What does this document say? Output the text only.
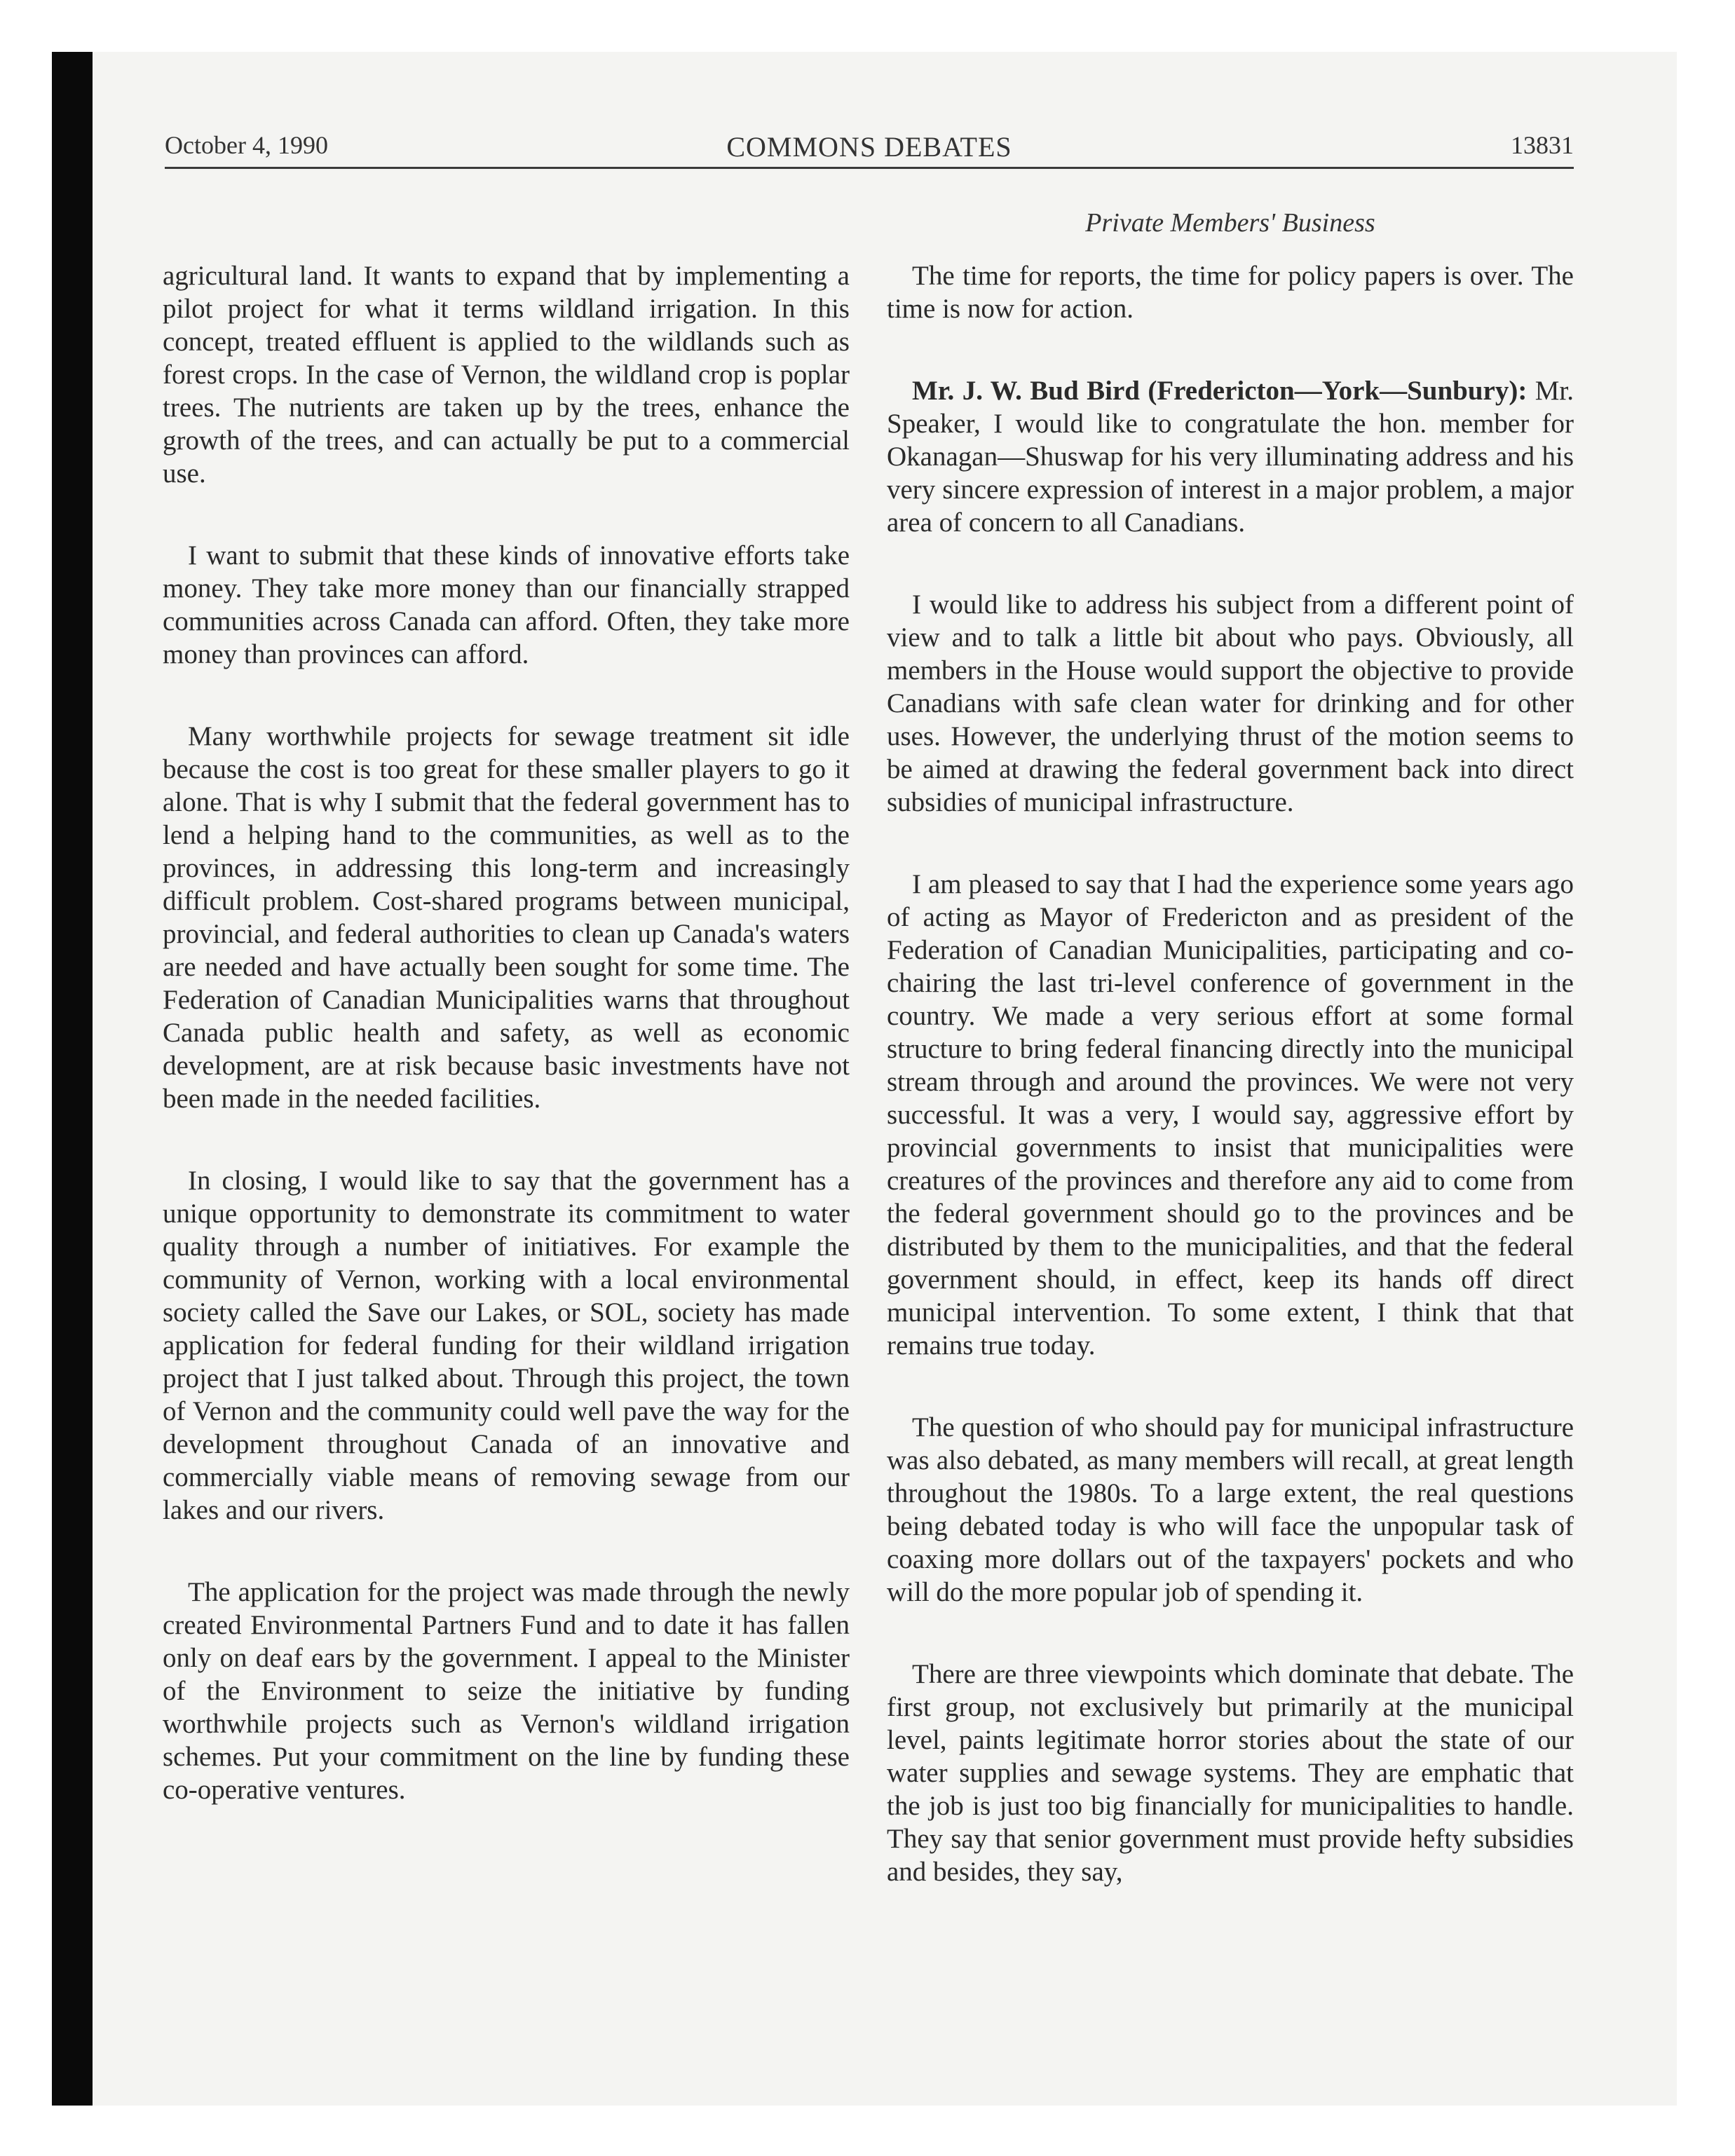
October 4, 1990	COMMONS DEBATES	13831
Private Members' Business

agricultural land. It wants to expand that by implementing a pilot project for what it terms wildland irrigation. In this concept, treated effluent is applied to the wildlands such as forest crops. In the case of Vernon, the wildland crop is poplar trees. The nutrients are taken up by the trees, enhance the growth of the trees, and can actually be put to a commercial use.

I want to submit that these kinds of innovative efforts take money. They take more money than our financially strapped communities across Canada can afford. Often, they take more money than provinces can afford.

Many worthwhile projects for sewage treatment sit idle because the cost is too great for these smaller players to go it alone. That is why I submit that the federal government has to lend a helping hand to the communities, as well as to the provinces, in addressing this long-term and increasingly difficult problem. Cost-shared programs between municipal, provincial, and federal authorities to clean up Canada's waters are needed and have actually been sought for some time. The Federation of Canadian Municipalities warns that throughout Canada public health and safety, as well as economic development, are at risk because basic investments have not been made in the needed facilities.

In closing, I would like to say that the government has a unique opportunity to demonstrate its commitment to water quality through a number of initiatives. For example the community of Vernon, working with a local environmental society called the Save our Lakes, or SOL, society has made application for federal funding for their wildland irrigation project that I just talked about. Through this project, the town of Vernon and the community could well pave the way for the development throughout Canada of an innovative and commercially viable means of removing sewage from our lakes and our rivers.

The application for the project was made through the newly created Environmental Partners Fund and to date it has fallen only on deaf ears by the government. I appeal to the Minister of the Environment to seize the initiative by funding worthwhile projects such as Vernon's wildland irrigation schemes. Put your commitment on the line by funding these co-operative ventures.

The time for reports, the time for policy papers is over. The time is now for action.

Mr. J. W. Bud Bird (Fredericton—York—Sunbury): Mr. Speaker, I would like to congratulate the hon. member for Okanagan—Shuswap for his very illuminating address and his very sincere expression of interest in a major problem, a major area of concern to all Canadians.

I would like to address his subject from a different point of view and to talk a little bit about who pays. Obviously, all members in the House would support the objective to provide Canadians with safe clean water for drinking and for other uses. However, the underlying thrust of the motion seems to be aimed at drawing the federal government back into direct subsidies of municipal infrastructure.

I am pleased to say that I had the experience some years ago of acting as Mayor of Fredericton and as president of the Federation of Canadian Municipalities, participating and co-chairing the last tri-level conference of government in the country. We made a very serious effort at some formal structure to bring federal financing directly into the municipal stream through and around the provinces. We were not very successful. It was a very, I would say, aggressive effort by provincial governments to insist that municipalities were creatures of the provinces and therefore any aid to come from the federal government should go to the provinces and be distributed by them to the municipalities, and that the federal government should, in effect, keep its hands off direct municipal intervention. To some extent, I think that that remains true today.

The question of who should pay for municipal infrastructure was also debated, as many members will recall, at great length throughout the 1980s. To a large extent, the real questions being debated today is who will face the unpopular task of coaxing more dollars out of the taxpayers' pockets and who will do the more popular job of spending it.

There are three viewpoints which dominate that debate. The first group, not exclusively but primarily at the municipal level, paints legitimate horror stories about the state of our water supplies and sewage systems. They are emphatic that the job is just too big financially for municipalities to handle. They say that senior government must provide hefty subsidies and besides, they say,
